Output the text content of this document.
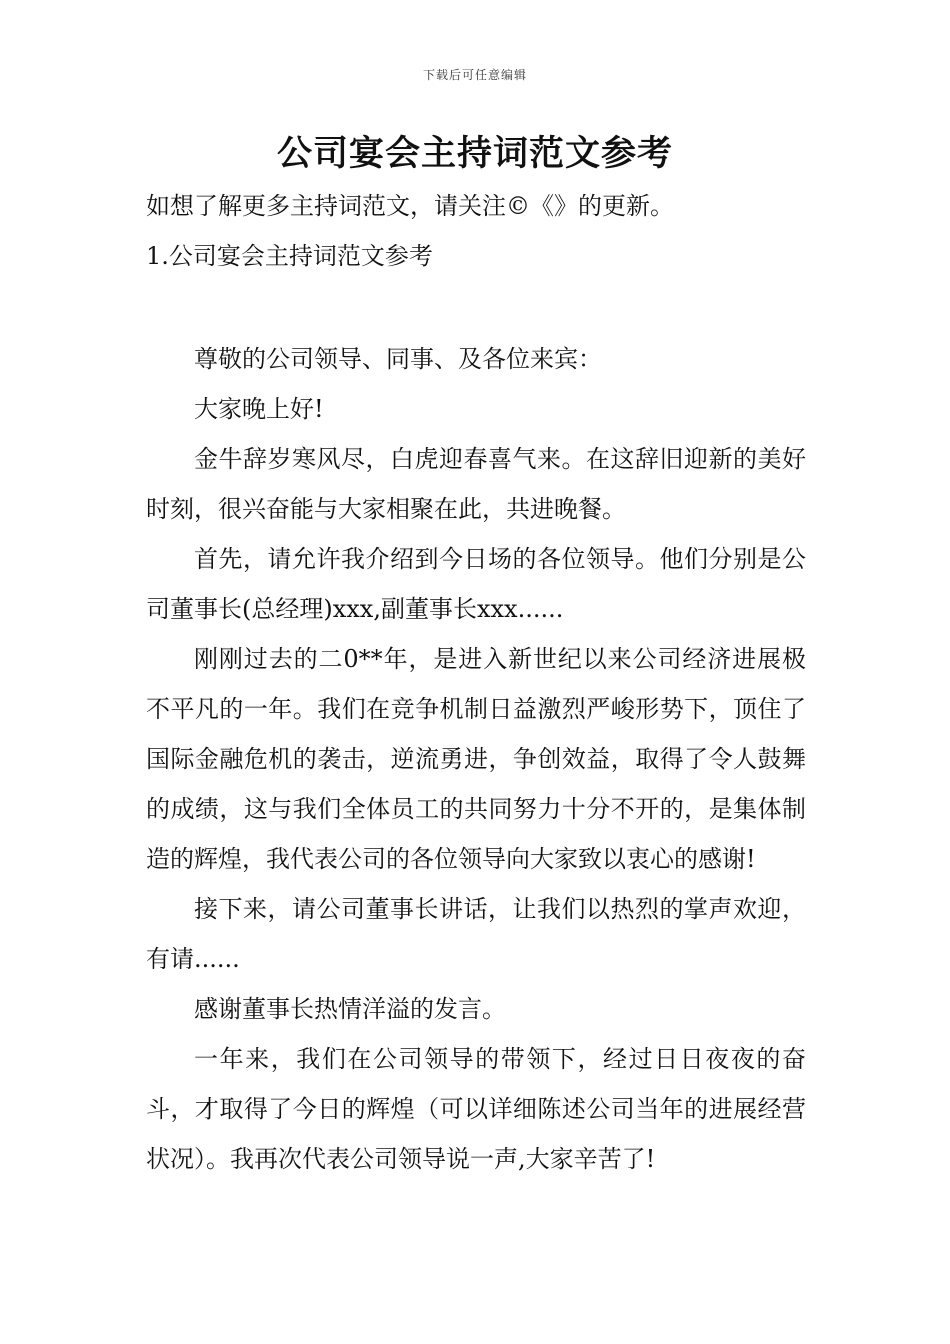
下载后可任意编辑
公司宴会主持词范文参考
如想了解更多主持词范文，请关注©《》的更新。
1.公司宴会主持词范文参考

尊敬的公司领导、同事、及各位来宾：

大家晚上好!

金牛辞岁寒风尽，白虎迎春喜气来。在这辞旧迎新的美好时刻，很兴奋能与大家相聚在此，共进晚餐。

首先，请允许我介绍到今日场的各位领导。他们分别是公司董事长(总经理)xxx,副董事长xxx......

刚刚过去的二0**年，是进入新世纪以来公司经济进展极不平凡的一年。我们在竞争机制日益激烈严峻形势下，顶住了国际金融危机的袭击，逆流勇进，争创效益，取得了令人鼓舞的成绩，这与我们全体员工的共同努力十分不开的，是集体制造的辉煌，我代表公司的各位领导向大家致以衷心的感谢!

接下来，请公司董事长讲话，让我们以热烈的掌声欢迎，有请......

感谢董事长热情洋溢的发言。

一年来，我们在公司领导的带领下，经过日日夜夜的奋斗，才取得了今日的辉煌（可以详细陈述公司当年的进展经营状况）。我再次代表公司领导说一声,大家辛苦了!
